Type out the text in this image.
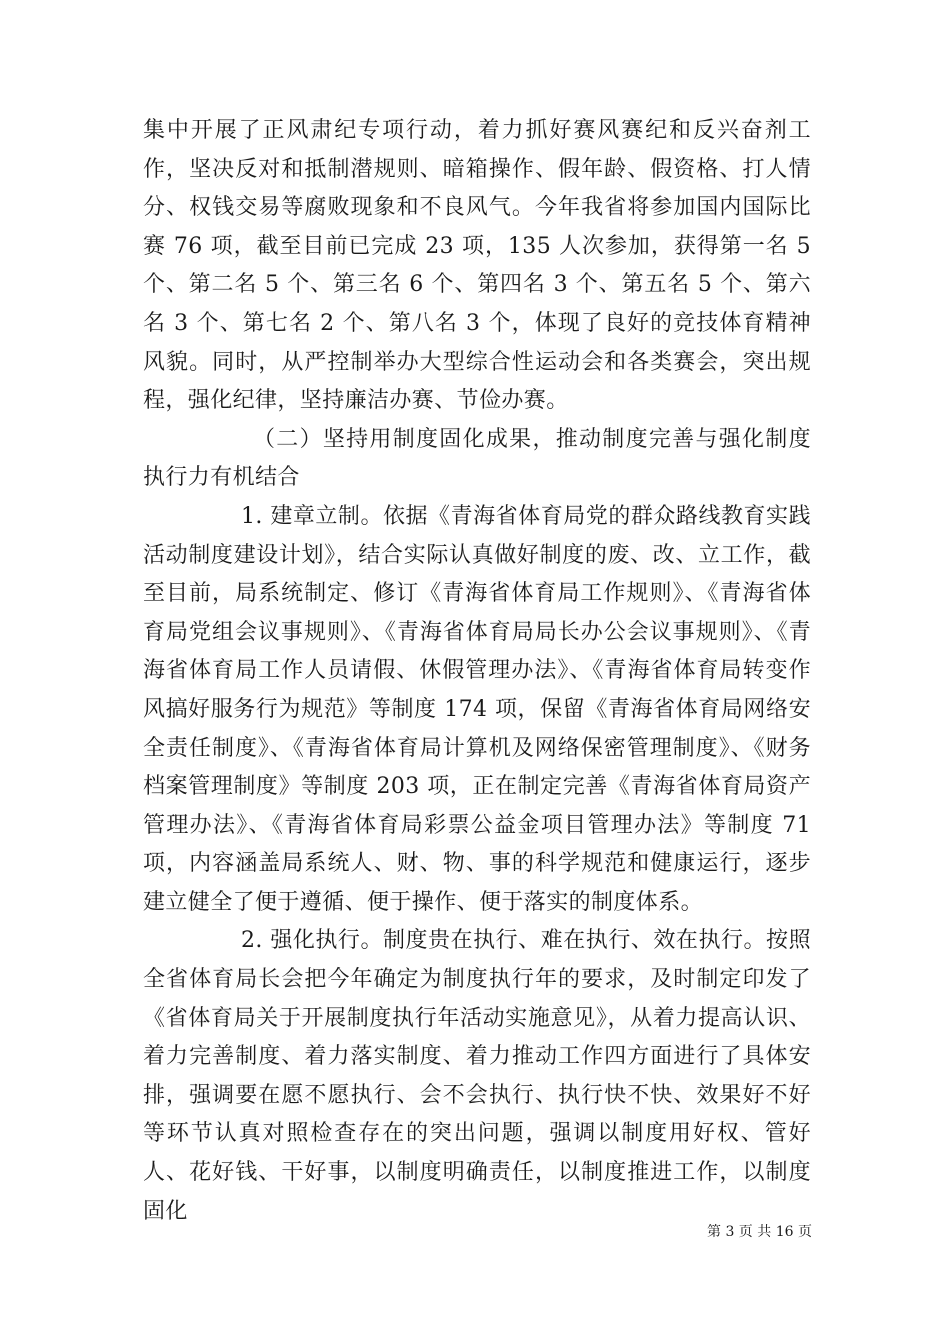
集中开展了正风肃纪专项行动，着力抓好赛风赛纪和反兴奋剂工作，坚决反对和抵制潜规则、暗箱操作、假年龄、假资格、打人情分、权钱交易等腐败现象和不良风气。今年我省将参加国内国际比赛 76 项，截至目前已完成 23 项，135 人次参加，获得第一名 5 个、第二名 5 个、第三名 6 个、第四名 3 个、第五名 5 个、第六名 3 个、第七名 2 个、第八名 3 个，体现了良好的竞技体育精神风貌。同时，从严控制举办大型综合性运动会和各类赛会，突出规程，强化纪律，坚持廉洁办赛、节俭办赛。

（二）坚持用制度固化成果，推动制度完善与强化制度执行力有机结合

1. 建章立制。依据《青海省体育局党的群众路线教育实践活动制度建设计划》，结合实际认真做好制度的废、改、立工作，截至目前，局系统制定、修订《青海省体育局工作规则》、《青海省体育局党组会议事规则》、《青海省体育局局长办公会议事规则》、《青海省体育局工作人员请假、休假管理办法》、《青海省体育局转变作风搞好服务行为规范》等制度 174 项，保留《青海省体育局网络安全责任制度》、《青海省体育局计算机及网络保密管理制度》、《财务档案管理制度》等制度 203 项，正在制定完善《青海省体育局资产管理办法》、《青海省体育局彩票公益金项目管理办法》等制度 71 项，内容涵盖局系统人、财、物、事的科学规范和健康运行，逐步建立健全了便于遵循、便于操作、便于落实的制度体系。

2. 强化执行。制度贵在执行、难在执行、效在执行。按照全省体育局长会把今年确定为制度执行年的要求，及时制定印发了《省体育局关于开展制度执行年活动实施意见》，从着力提高认识、着力完善制度、着力落实制度、着力推动工作四方面进行了具体安排，强调要在愿不愿执行、会不会执行、执行快不快、效果好不好等环节认真对照检查存在的突出问题，强调以制度用好权、管好人、花好钱、干好事，以制度明确责任，以制度推进工作，以制度固化

第 3 页 共 16 页
